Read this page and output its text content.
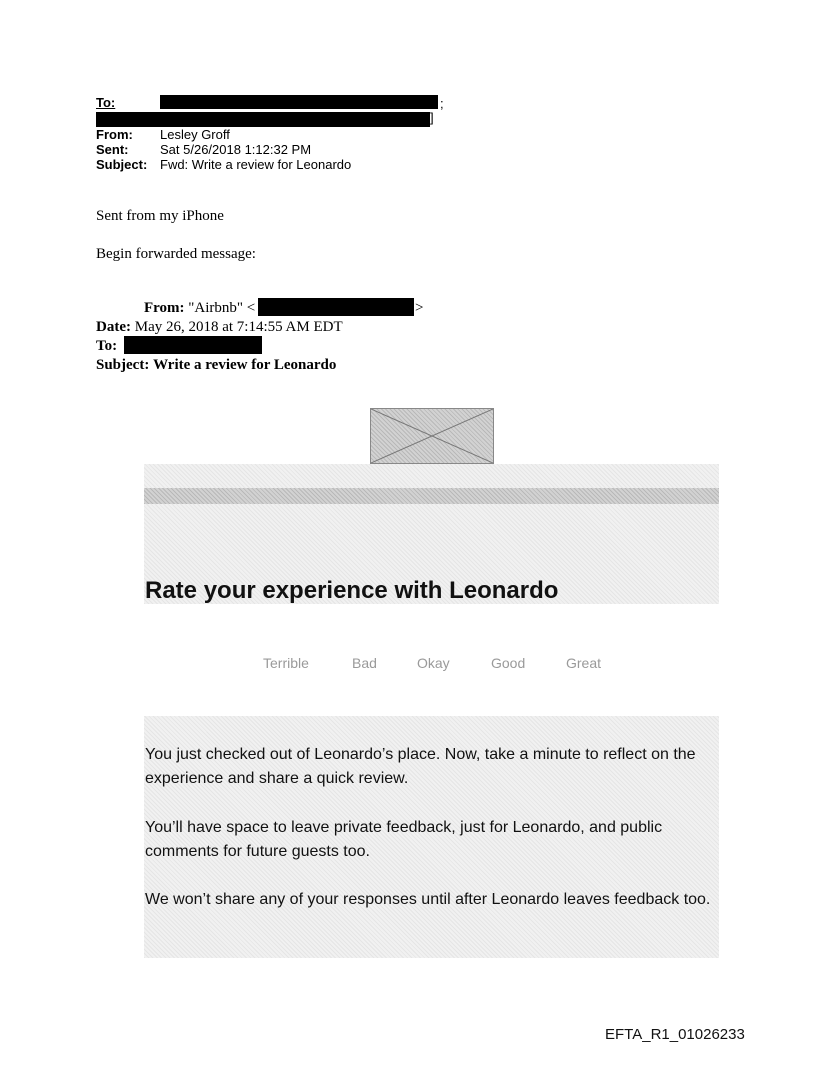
To:	;
]
From: Lesley Groff
Sent: Sat 5/26/2018 1:12:32 PM
Subject: Fwd: Write a review for Leonardo
Sent from my iPhone
Begin forwarded message:
From: "Airbnb" <	>
Date: May 26, 2018 at 7:14:55 AM EDT
To:
Subject: Write a review for Leonardo
Rate your experience with Leonardo
Terrible	Bad	Okay	Good	Great
You just checked out of Leonardo’s place. Now, take a minute to reflect on the experience and share a quick review.
You’ll have space to leave private feedback, just for Leonardo, and public comments for future guests too.
We won’t share any of your responses until after Leonardo leaves feedback too.
EFTA_R1_01026233
